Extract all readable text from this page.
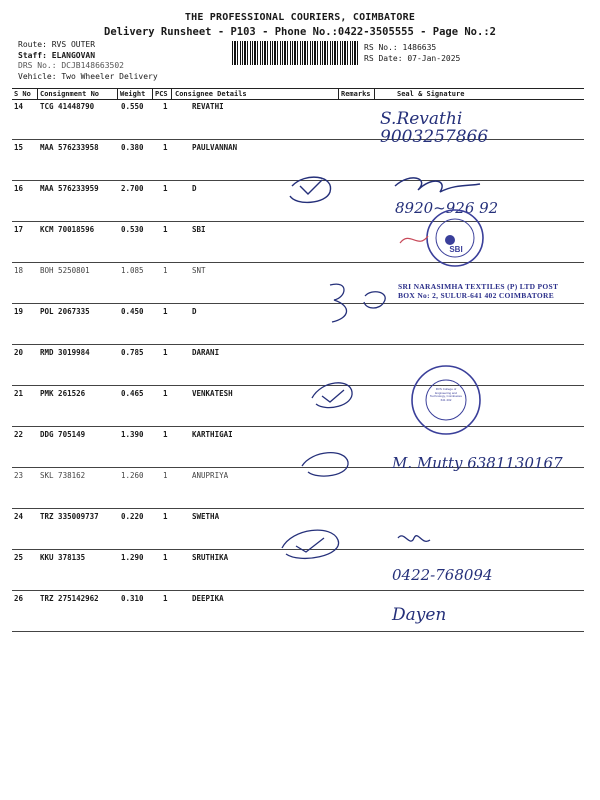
THE PROFESSIONAL COURIERS, COIMBATORE
Delivery Runsheet - P103 - Phone No.:0422-3505555 - Page No.:2
Route: RVS OUTER
Staff: ELANGOVAN
DRS No.: DCJB148663502
Vehicle: Two Wheeler Delivery
RS No.: 1486635
RS Date: 07-Jan-2025
S No Consignment No	Weight PCS Consignee Details	Remarks	Seal & Signature
14 TCG 41448790	0.550	1	REVATHI
15 MAA 576233958	0.380	1	PAULVANNAN
16 MAA 576233959	2.700	1	D
17 KCM 70018596	0.530	1	SBI
18 BOH 5250801	1.085	1	SNT
19 POL 2067335	0.450	1	D
20 RMD 3019984	0.785	1	DARANI
21 PMK 261526	0.465	1	VENKATESH
22 DDG 705149	1.390	1	KARTHIGAI
23 SKL 738162	1.260	1	ANUPRIYA
24 TRZ 335009737	0.220	1	SWETHA
25 KKU 378135	1.290	1	SRUTHIKA
26 TRZ 275142962	0.310	1	DEEPIKA
S.Revathi
9003257866
8920~926 92
SBI
SRI NARASIMHA TEXTILES (P) LTD POST BOX No: 2, SULUR-641 402 COIMBATORE
RVS College of Engineering and Technology, Coimbatore 641 402
M. Mutty 6381130167
0422-768094
Dayen
